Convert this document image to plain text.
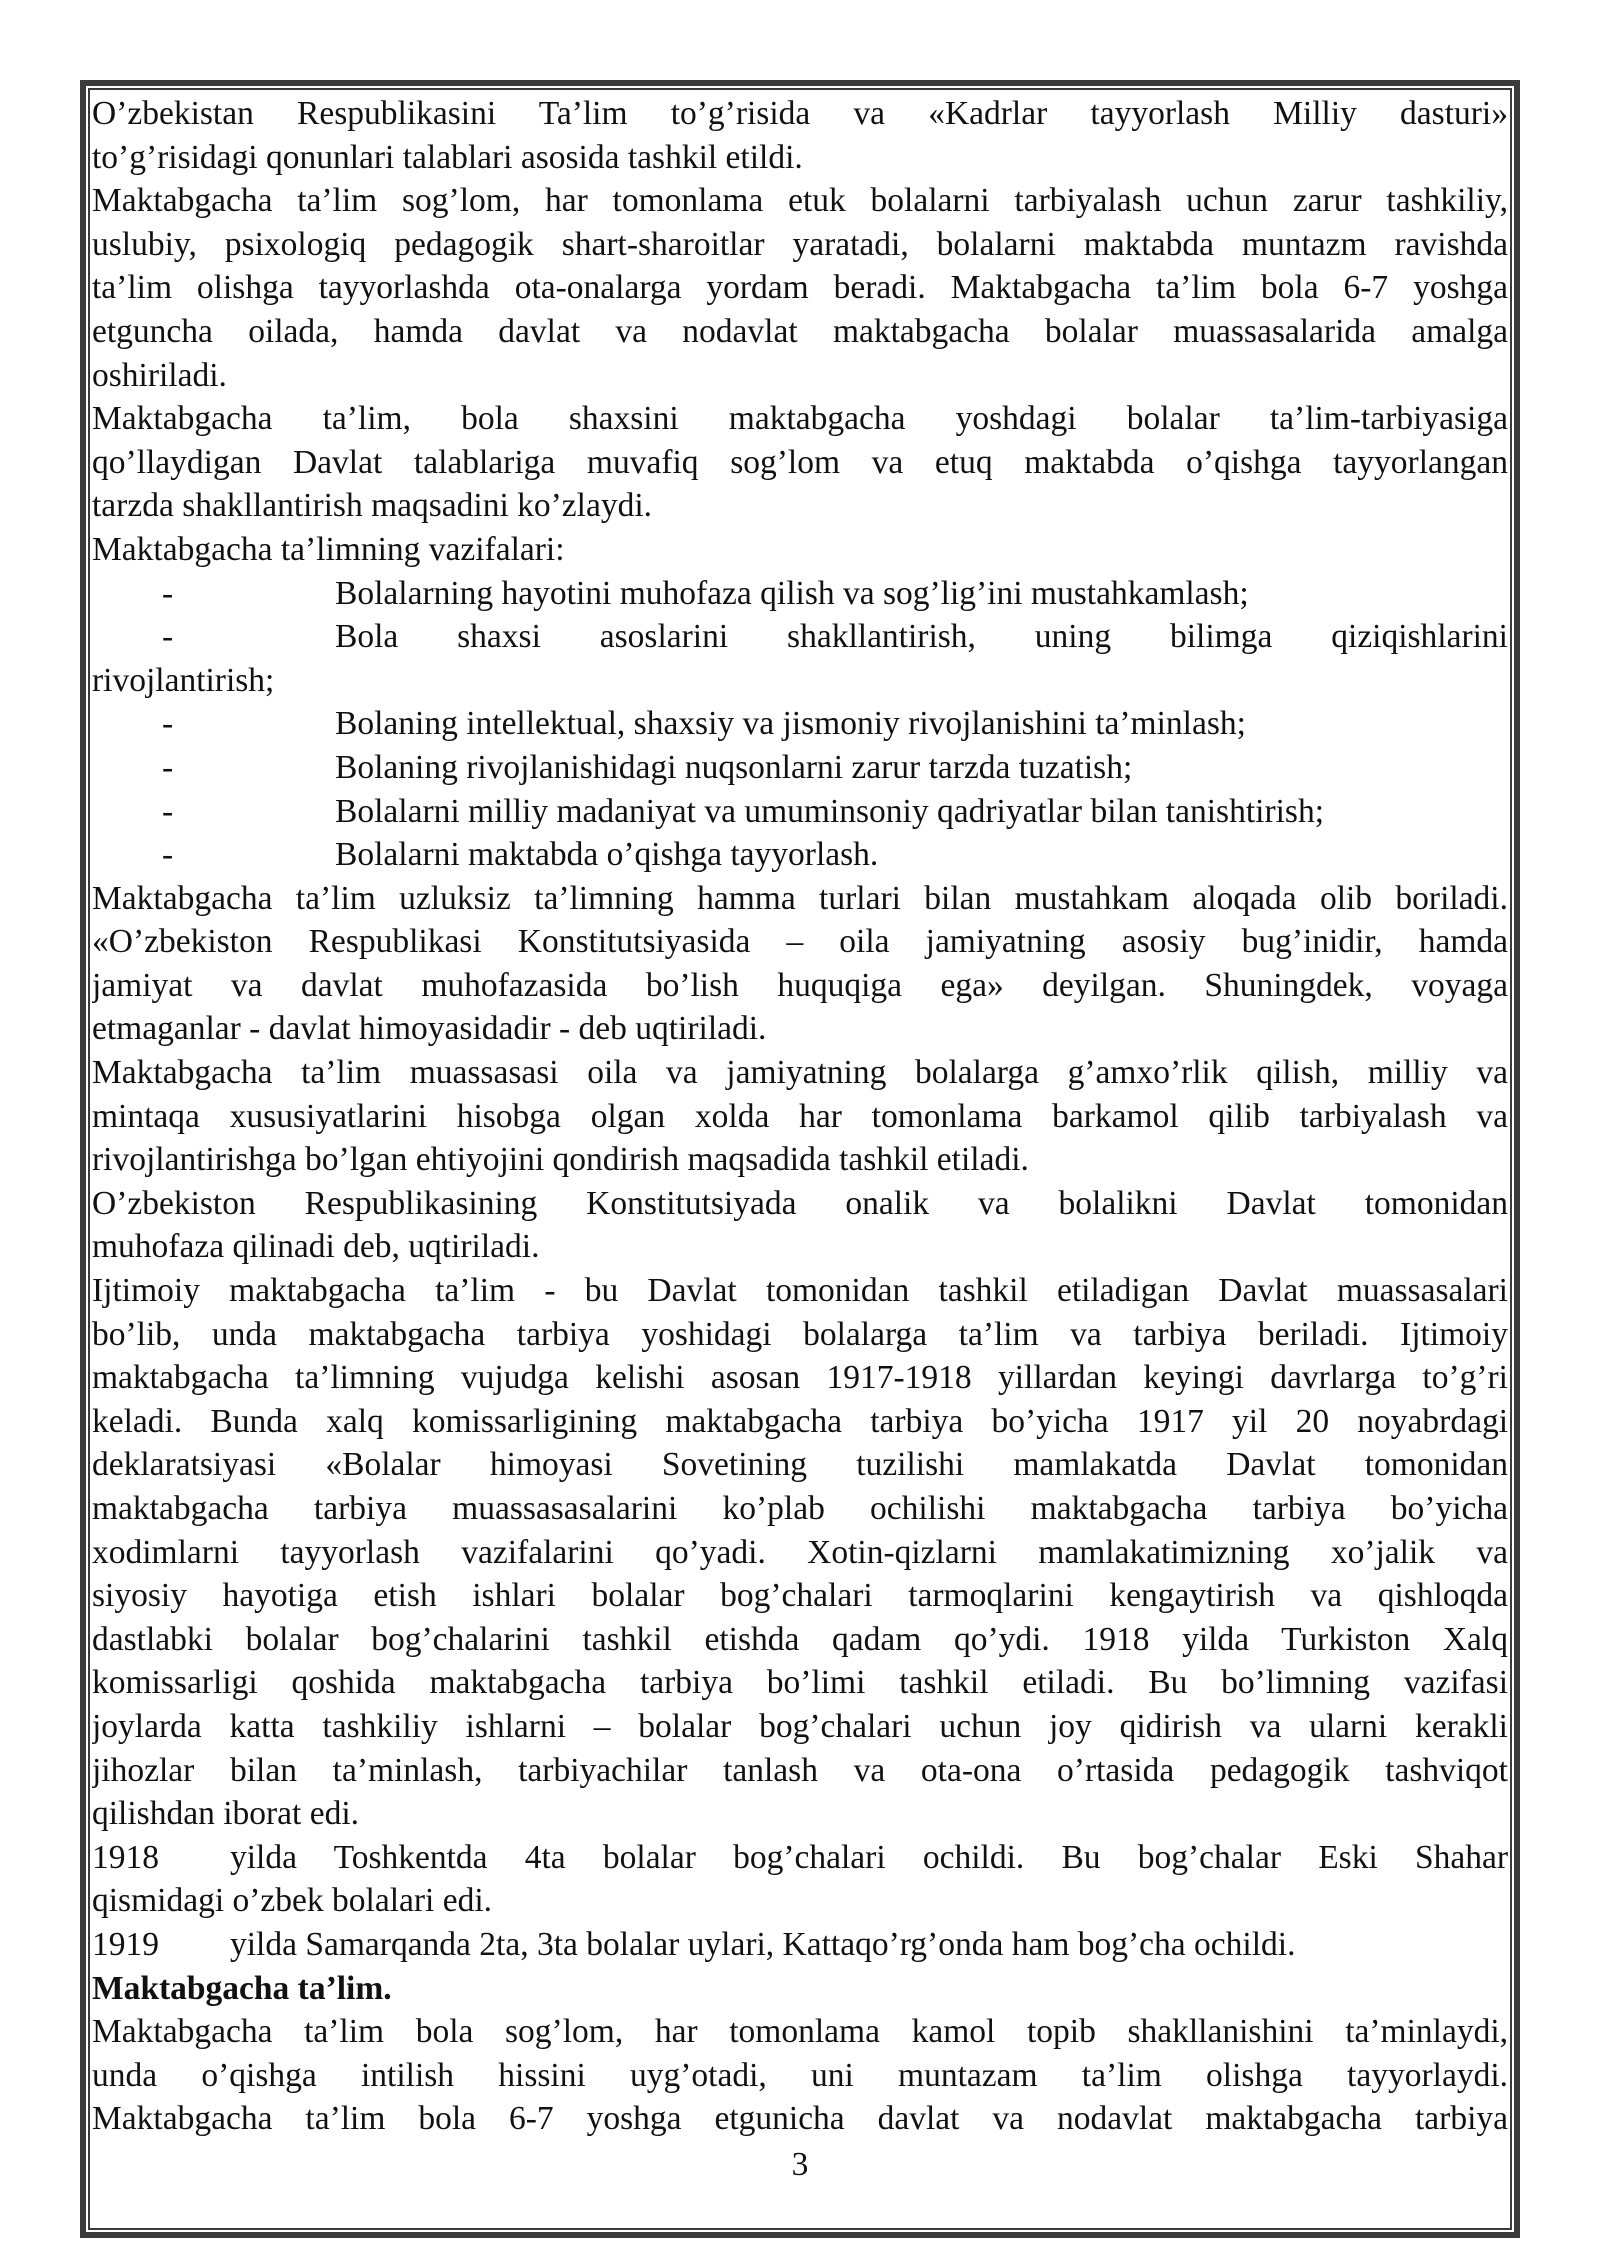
O’zbekistan Respublikasini Ta’lim to’g’risida va «Kadrlar tayyorlash Milliy dasturi»
to’g’risidagi qonunlari talablari asosida tashkil etildi.
Maktabgacha ta’lim sog’lom, har tomonlama etuk bolalarni tarbiyalash uchun zarur tashkiliy,
uslubiy, psixologiq pedagogik shart-sharoitlar yaratadi, bolalarni maktabda muntazm ravishda
ta’lim olishga tayyorlashda ota-onalarga yordam beradi. Maktabgacha ta’lim bola 6-7 yoshga
etguncha oilada, hamda davlat va nodavlat maktabgacha bolalar muassasalarida amalga
oshiriladi.
Maktabgacha ta’lim, bola shaxsini maktabgacha yoshdagi bolalar ta’lim-tarbiyasiga
qo’llaydigan Davlat talablariga muvafiq sog’lom va etuq maktabda o’qishga tayyorlangan
tarzda shakllantirish maqsadini ko’zlaydi.
Maktabgacha ta’limning vazifalari:
-	Bolalarning hayotini muhofaza qilish va sog’lig’ini mustahkamlash;
-	Bola shaxsi asoslarini shakllantirish, uning bilimga qiziqishlarini
rivojlantirish;
-	Bolaning intellektual, shaxsiy va jismoniy rivojlanishini ta’minlash;
-	Bolaning rivojlanishidagi nuqsonlarni zarur tarzda tuzatish;
-	Bolalarni milliy madaniyat va umuminsoniy qadriyatlar bilan tanishtirish;
-	Bolalarni maktabda o’qishga tayyorlash.
Maktabgacha ta’lim uzluksiz ta’limning hamma turlari bilan mustahkam aloqada olib boriladi.
«O’zbekiston Respublikasi Konstitutsiyasida – oila jamiyatning asosiy bug’inidir, hamda
jamiyat va davlat muhofazasida bo’lish huquqiga ega» deyilgan. Shuningdek, voyaga
etmaganlar ‑ davlat himoyasidadir - deb uqtiriladi.
Maktabgacha ta’lim muassasasi oila va jamiyatning bolalarga g’amxo’rlik qilish, milliy va
mintaqa xususiyatlarini hisobga olgan xolda har tomonlama barkamol qilib tarbiyalash va
rivojlantirishga bo’lgan ehtiyojini qondirish maqsadida tashkil etiladi.
O’zbekiston Respublikasining Konstitutsiyada onalik va bolalikni Davlat tomonidan
muhofaza qilinadi deb, uqtiriladi.
Ijtimoiy maktabgacha ta’lim - bu Davlat tomonidan tashkil etiladigan Davlat muassasalari
bo’lib, unda maktabgacha tarbiya yoshidagi bolalarga ta’lim va tarbiya beriladi. Ijtimoiy
maktabgacha ta’limning vujudga kelishi asosan 1917-1918 yillardan keyingi davrlarga to’g’ri
keladi. Bunda xalq komissarligining maktabgacha tarbiya bo’yicha 1917 yil 20 noyabrdagi
deklaratsiyasi «Bolalar himoyasi Sovetining tuzilishi mamlakatda Davlat tomonidan
maktabgacha tarbiya muassasasalarini ko’plab ochilishi maktabgacha tarbiya bo’yicha
xodimlarni tayyorlash vazifalarini qo’yadi. Xotin-qizlarni mamlakatimizning xo’jalik va
siyosiy hayotiga etish ishlari bolalar bog’chalari tarmoqlarini kengaytirish va qishloqda
dastlabki bolalar bog’chalarini tashkil etishda qadam qo’ydi. 1918 yilda Turkiston Xalq
komissarligi qoshida maktabgacha tarbiya bo’limi tashkil etiladi. Bu bo’limning vazifasi
joylarda katta tashkiliy ishlarni – bolalar bog’chalari uchun joy qidirish va ularni kerakli
jihozlar bilan ta’minlash, tarbiyachilar tanlash va ota-ona o’rtasida pedagogik tashviqot
qilishdan iborat edi.
1918 yilda Toshkentda 4ta bolalar bog’chalari ochildi. Bu bog’chalar Eski Shahar
qismidagi o’zbek bolalari edi.
1919 yilda Samarqanda 2ta, 3ta bolalar uylari, Kattaqo’rg’onda ham bog’cha ochildi.
Maktabgacha ta’lim.
Maktabgacha ta’lim bola sog’lom, har tomonlama kamol topib shakllanishini ta’minlaydi,
unda o’qishga intilish hissini uyg’otadi, uni muntazam ta’lim olishga tayyorlaydi.
Maktabgacha ta’lim bola 6-7 yoshga etgunicha davlat va nodavlat maktabgacha tarbiya
3
